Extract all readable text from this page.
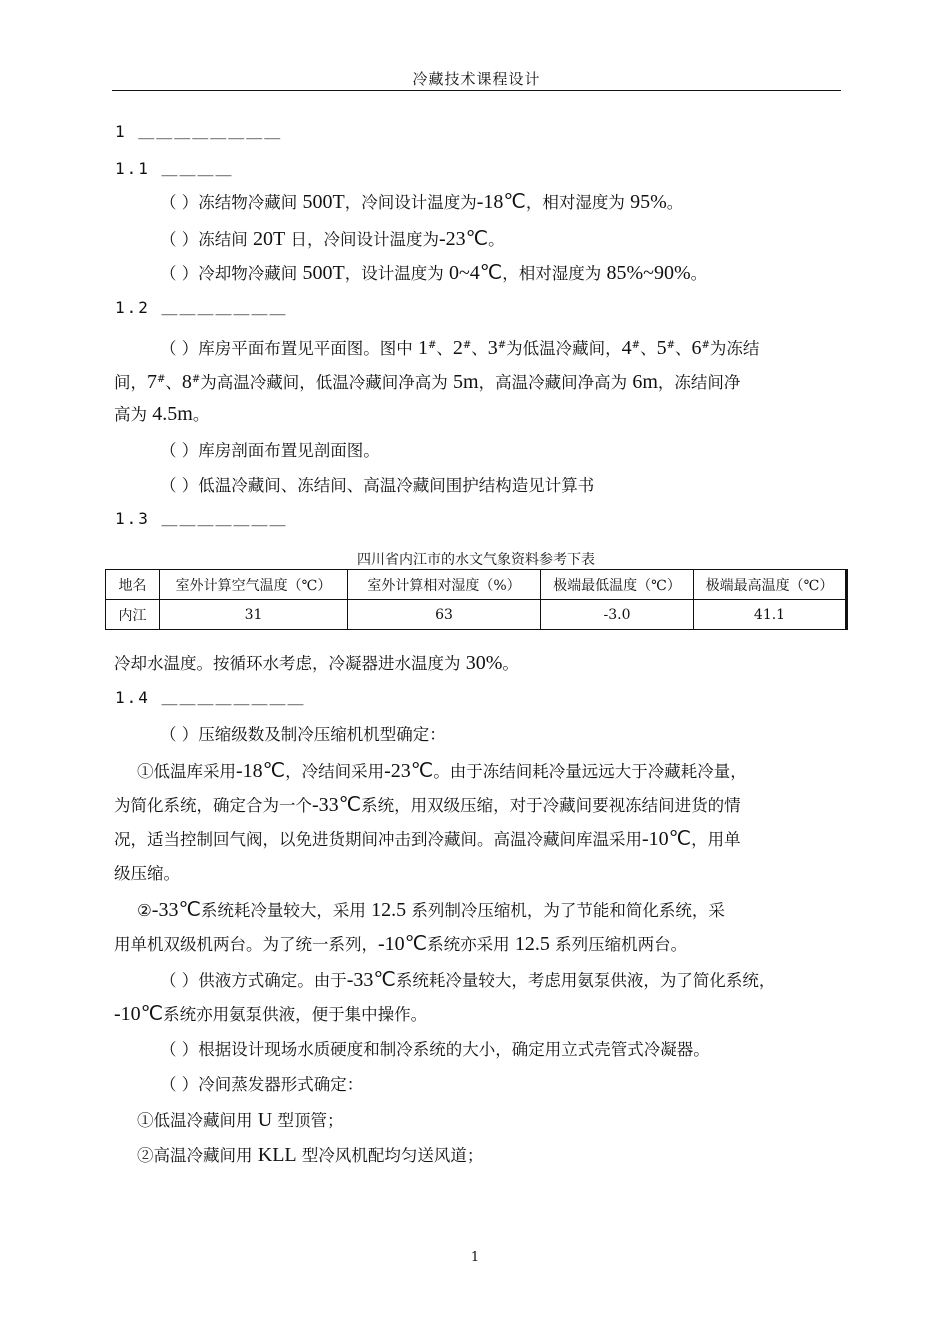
冷藏技术课程设计
1 ＿＿＿＿＿＿＿＿
1.1 ＿＿＿＿
（ ）冻结物冷藏间 500T，冷间设计温度为-18℃，相对湿度为 95%。
（ ）冻结间 20T 日，冷间设计温度为-23℃。
（ ）冷却物冷藏间 500T，设计温度为 0~4℃，相对湿度为 85%~90%。
1.2 ＿＿＿＿＿＿＿
（ ）库房平面布置见平面图。图中 1#、2#、3#为低温冷藏间，4#、5#、6#为冻结
间，7#、8#为高温冷藏间，低温冷藏间净高为 5m，高温冷藏间净高为 6m，冻结间净
高为 4.5m。
（ ）库房剖面布置见剖面图。
（ ）低温冷藏间、冻结间、高温冷藏间围护结构造见计算书
1.3 ＿＿＿＿＿＿＿
四川省内江市的水文气象资料参考下表
地名	室外计算空气温度（℃）	室外计算相对湿度（%）	极端最低温度（℃）	极端最高温度（℃）
内江	31	63	-3.0	41.1
冷却水温度。按循环水考虑，冷凝器进水温度为 30%。
1.4 ＿＿＿＿＿＿＿＿
（ ）压缩级数及制冷压缩机机型确定：
①低温库采用-18℃，冷结间采用-23℃。由于冻结间耗冷量远远大于冷藏耗冷量，
为简化系统，确定合为一个-33℃系统，用双级压缩，对于冷藏间要视冻结间进货的情
况，适当控制回气阀，以免进货期间冲击到冷藏间。高温冷藏间库温采用-10℃，用单
级压缩。
②-33℃系统耗冷量较大，采用 12.5 系列制冷压缩机，为了节能和简化系统，采
用单机双级机两台。为了统一系列，-10℃系统亦采用 12.5 系列压缩机两台。
（ ）供液方式确定。由于-33℃系统耗冷量较大，考虑用氨泵供液，为了简化系统，
-10℃系统亦用氨泵供液，便于集中操作。
（ ）根据设计现场水质硬度和制冷系统的大小，确定用立式壳管式冷凝器。
（ ）冷间蒸发器形式确定：
①低温冷藏间用 U 型顶管；
②高温冷藏间用 KLL 型冷风机配均匀送风道；
1
